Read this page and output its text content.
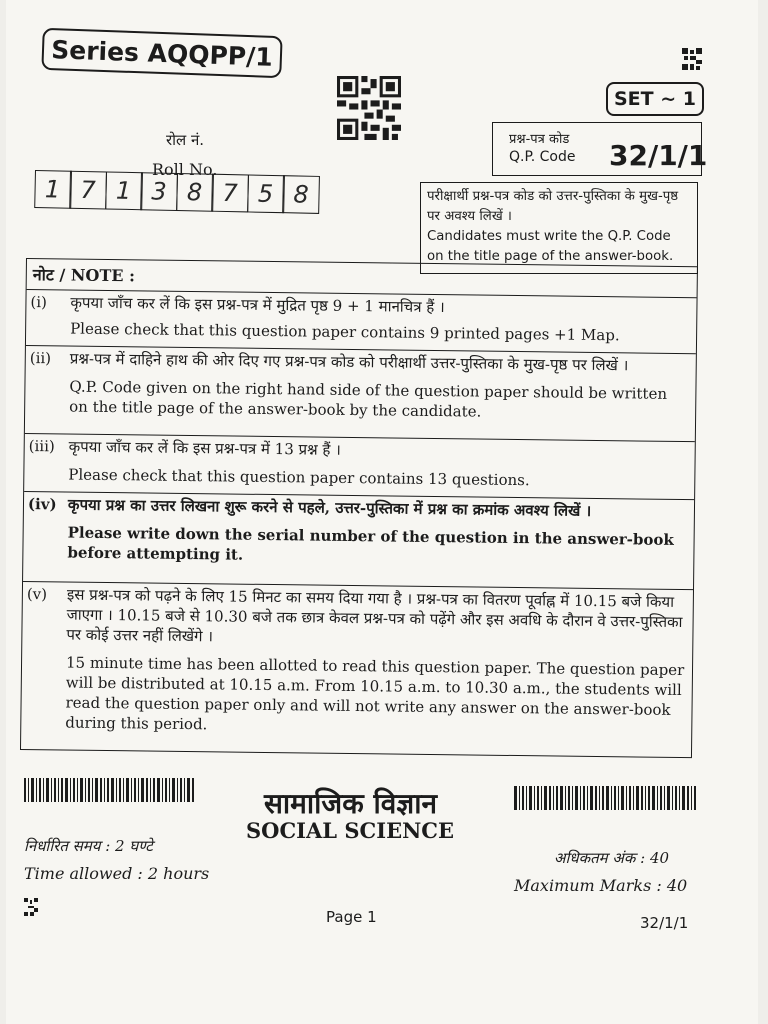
Series AQQPP/1
SET ~ 1
रोल नं.
Roll No.
1 7 1 3 8 7 5 8
प्रश्न-पत्र कोड
Q.P. Code 32/1/1
परीक्षार्थी प्रश्न-पत्र कोड को उत्तर-पुस्तिका के मुख-पृष्ठ पर अवश्य लिखें ।
Candidates must write the Q.P. Code on the title page of the answer-book.
नोट / NOTE :
(i) कृपया जाँच कर लें कि इस प्रश्न-पत्र में मुद्रित पृष्ठ 9 + 1 मानचित्र हैं ।

Please check that this question paper contains 9 printed pages +1 Map.

(ii) प्रश्न-पत्र में दाहिने हाथ की ओर दिए गए प्रश्न-पत्र कोड को परीक्षार्थी उत्तर-पुस्तिका के मुख-पृष्ठ पर लिखें ।

Q.P. Code given on the right hand side of the question paper should be written on the title page of the answer-book by the candidate.

(iii) कृपया जाँच कर लें कि इस प्रश्न-पत्र में 13 प्रश्न हैं ।

Please check that this question paper contains 13 questions.

(iv) कृपया प्रश्न का उत्तर लिखना शुरू करने से पहले, उत्तर-पुस्तिका में प्रश्न का क्रमांक अवश्य लिखें ।

Please write down the serial number of the question in the answer-book before attempting it.

(v) इस प्रश्न-पत्र को पढ़ने के लिए 15 मिनट का समय दिया गया है । प्रश्न-पत्र का वितरण पूर्वाह्न में 10.15 बजे किया जाएगा । 10.15 बजे से 10.30 बजे तक छात्र केवल प्रश्न-पत्र को पढ़ेंगे और इस अवधि के दौरान वे उत्तर-पुस्तिका पर कोई उत्तर नहीं लिखेंगे ।

15 minute time has been allotted to read this question paper. The question paper will be distributed at 10.15 a.m. From 10.15 a.m. to 10.30 a.m., the students will read the question paper only and will not write any answer on the answer-book during this period.

सामाजिक विज्ञान
SOCIAL SCIENCE
निर्धारित समय : 2 घण्टे
Time allowed : 2 hours
अधिकतम अंक : 40
Maximum Marks : 40
Page 1	32/1/1
